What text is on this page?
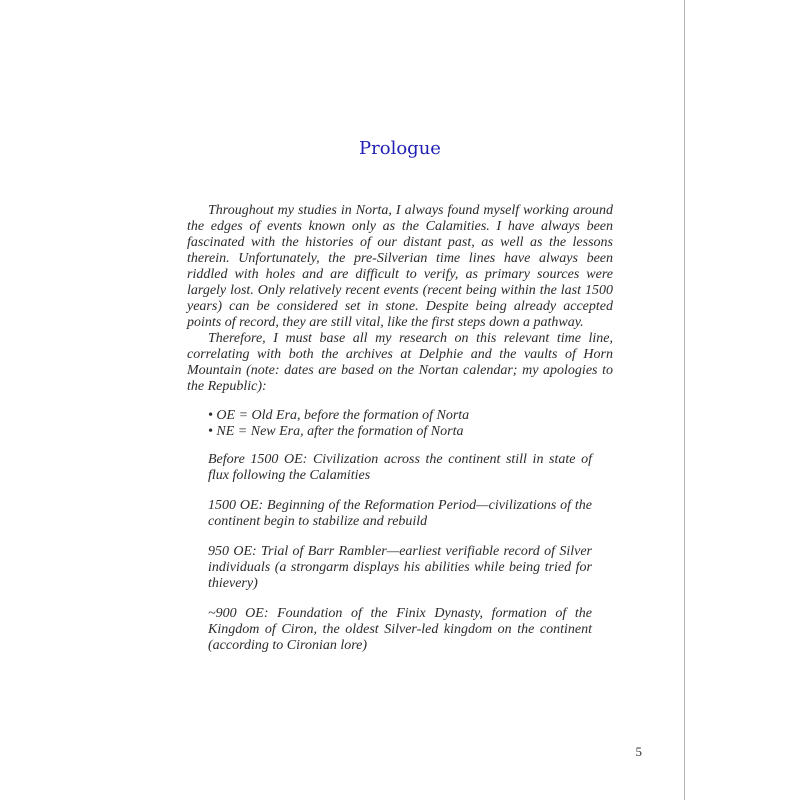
Prologue

Throughout my studies in Norta, I always found myself working around the edges of events known only as the Calamities. I have always been fascinated with the histories of our distant past, as well as the lessons therein. Unfortunately, the pre-Silverian time lines have always been riddled with holes and are difficult to verify, as primary sources were largely lost. Only relatively recent events (recent being within the last 1500 years) can be considered set in stone. Despite being already accepted points of record, they are still vital, like the first steps down a pathway.

Therefore, I must base all my research on this relevant time line, correlating with both the archives at Delphie and the vaults of Horn Mountain (note: dates are based on the Nortan calendar; my apologies to the Republic):

• OE = Old Era, before the formation of Norta
• NE = New Era, after the formation of Norta

Before 1500 OE: Civilization across the continent still in state of flux following the Calamities

1500 OE: Beginning of the Reformation Period—civilizations of the continent begin to stabilize and rebuild

950 OE: Trial of Barr Rambler—earliest verifiable record of Silver individuals (a strongarm displays his abilities while being tried for thievery)

~900 OE: Foundation of the Finix Dynasty, formation of the Kingdom of Ciron, the oldest Silver-led kingdom on the continent (according to Cironian lore)

5
